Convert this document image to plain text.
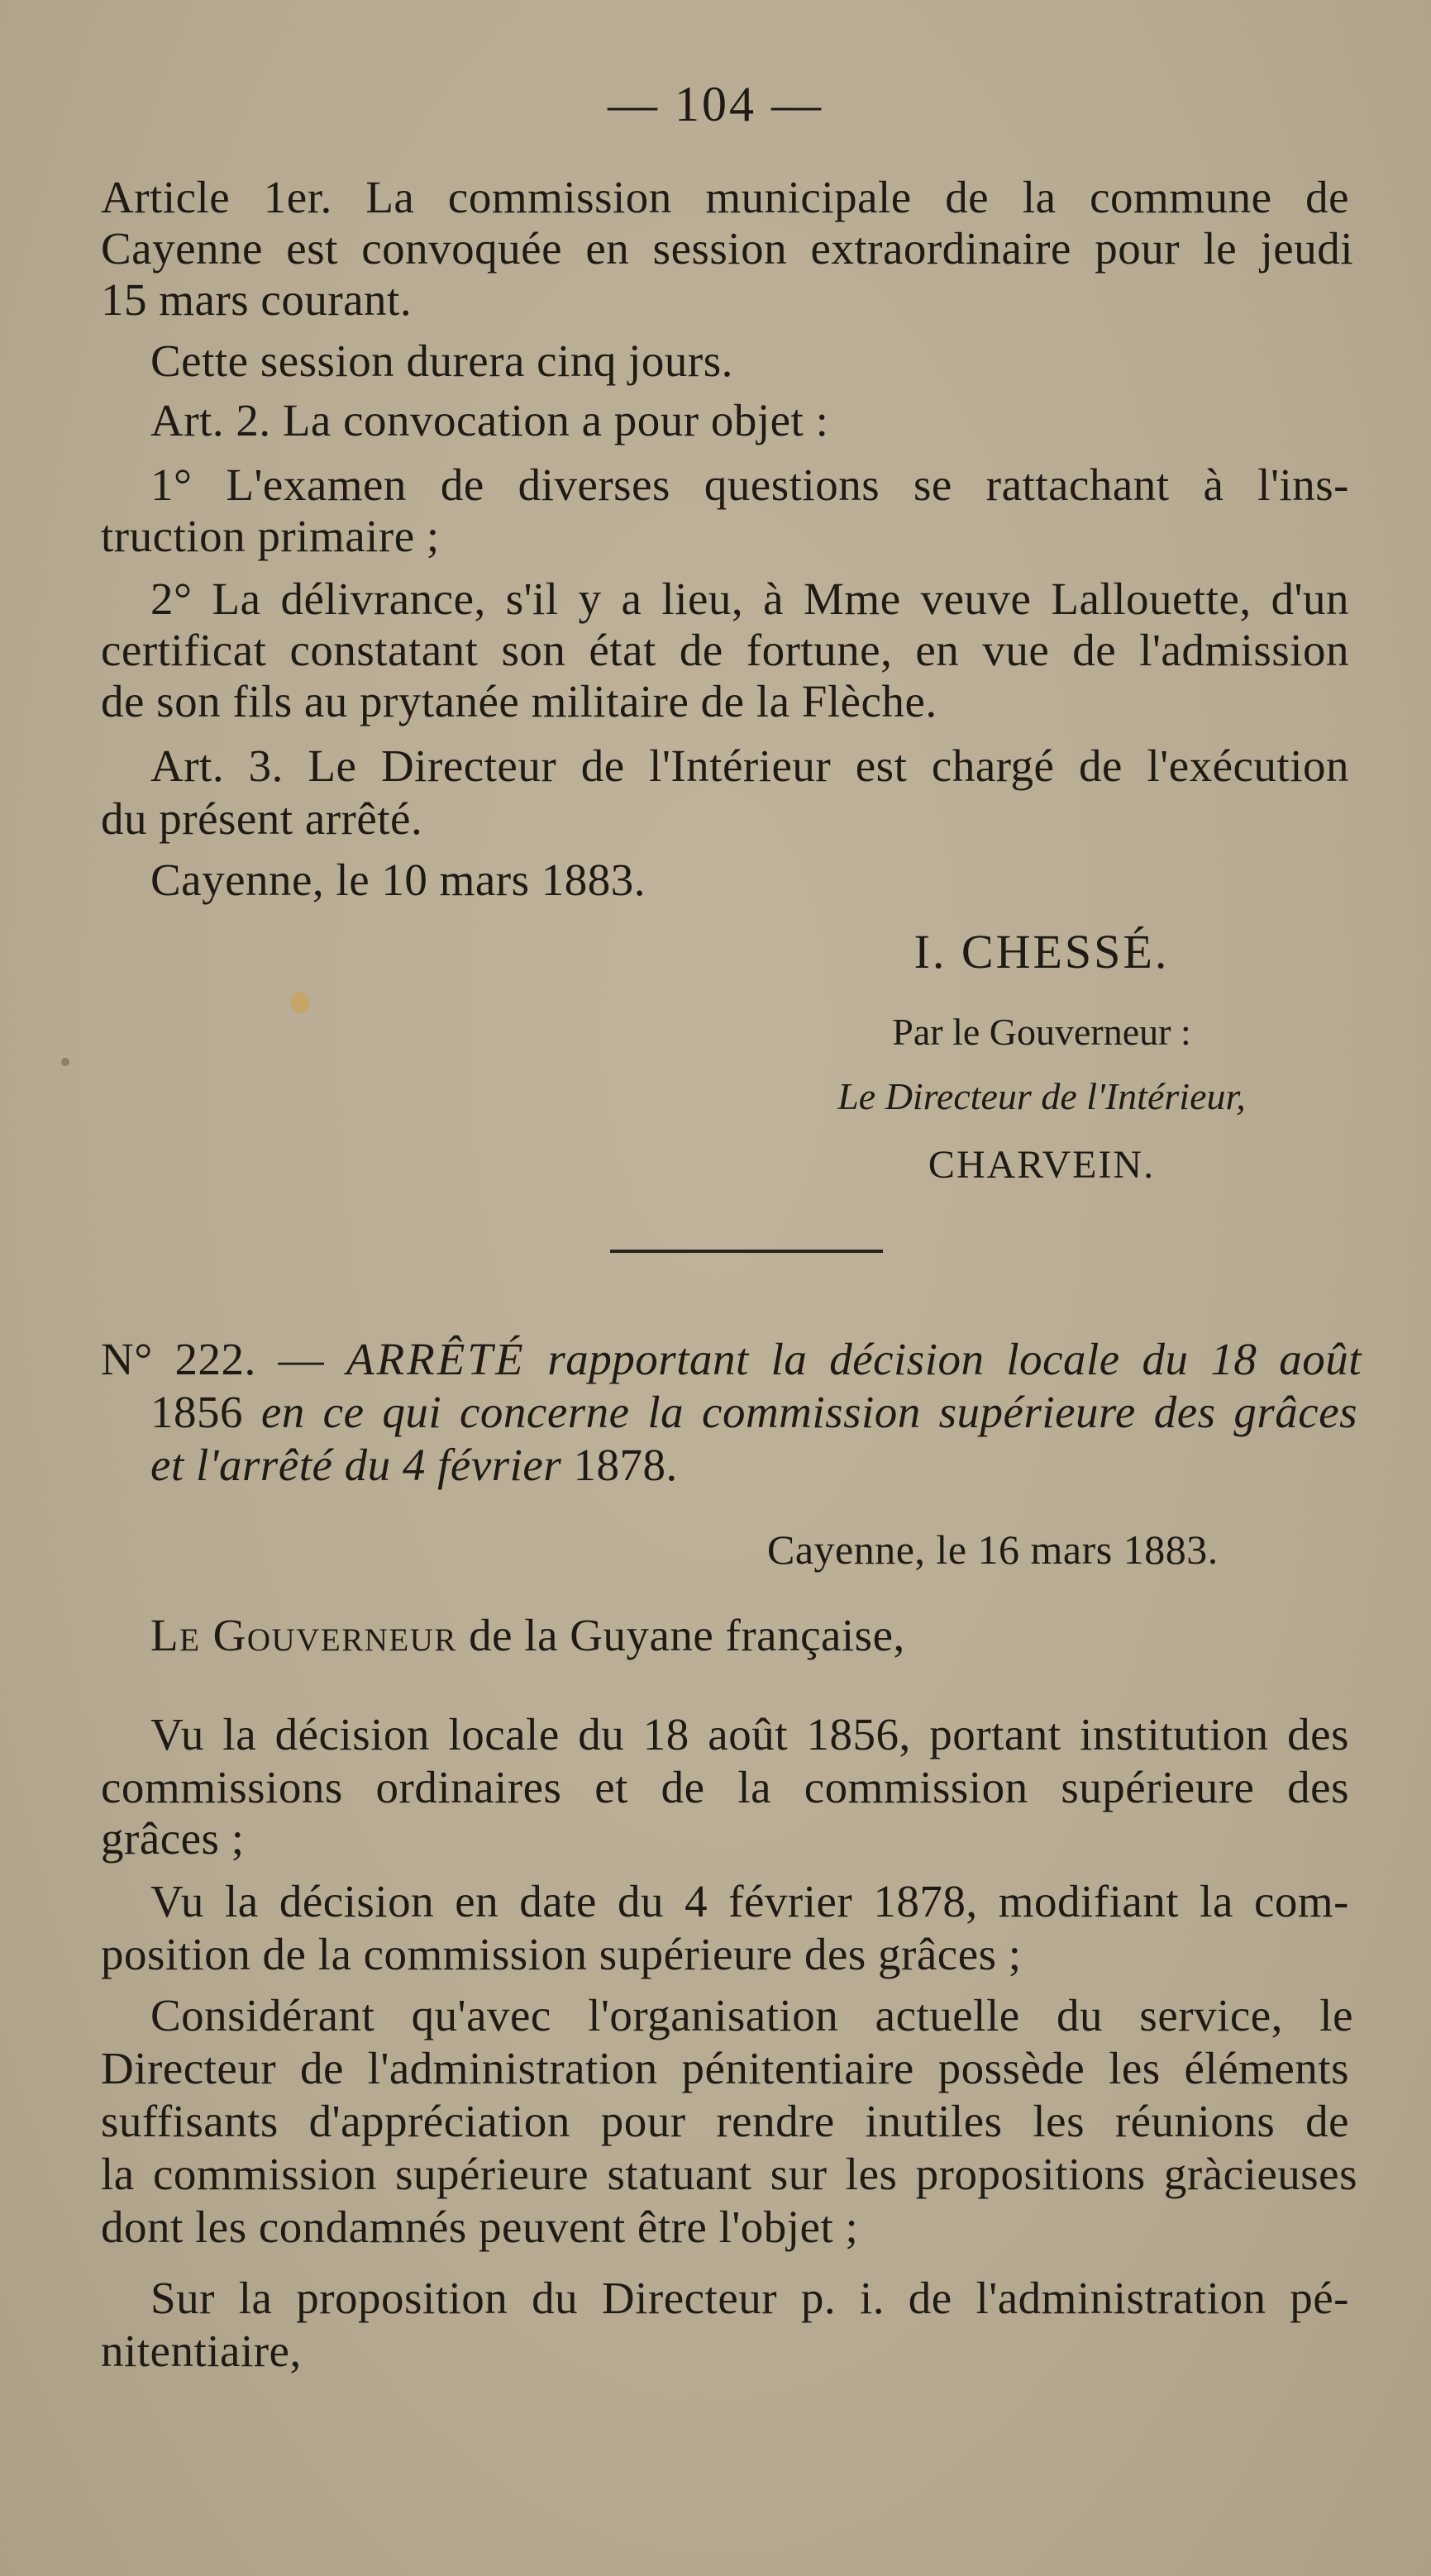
— 104 —
Article 1er. La commission municipale de la commune de
Cayenne est convoquée en session extraordinaire pour le jeudi
15 mars courant.
Cette session durera cinq jours.
Art. 2. La convocation a pour objet :
1° L'examen de diverses questions se rattachant à l'ins-
truction primaire ;
2° La délivrance, s'il y a lieu, à Mme veuve Lallouette, d'un
certificat constatant son état de fortune, en vue de l'admission
de son fils au prytanée militaire de la Flèche.
Art. 3. Le Directeur de l'Intérieur est chargé de l'exécution
du présent arrêté.
Cayenne, le 10 mars 1883.
I. CHESSÉ.
Par le Gouverneur :
Le Directeur de l'Intérieur,
CHARVEIN.
N° 222. — ARRÊTÉ rapportant la décision locale du 18 août
1856 en ce qui concerne la commission supérieure des grâces
et l'arrêté du 4 février 1878.
Cayenne, le 16 mars 1883.
Le Gouverneur de la Guyane française,
Vu la décision locale du 18 août 1856, portant institution des
commissions ordinaires et de la commission supérieure des
grâces ;
Vu la décision en date du 4 février 1878, modifiant la com-
position de la commission supérieure des grâces ;
Considérant qu'avec l'organisation actuelle du service, le
Directeur de l'administration pénitentiaire possède les éléments
suffisants d'appréciation pour rendre inutiles les réunions de
la commission supérieure statuant sur les propositions gràcieuses
dont les condamnés peuvent être l'objet ;
Sur la proposition du Directeur p. i. de l'administration pé-
nitentiaire,
